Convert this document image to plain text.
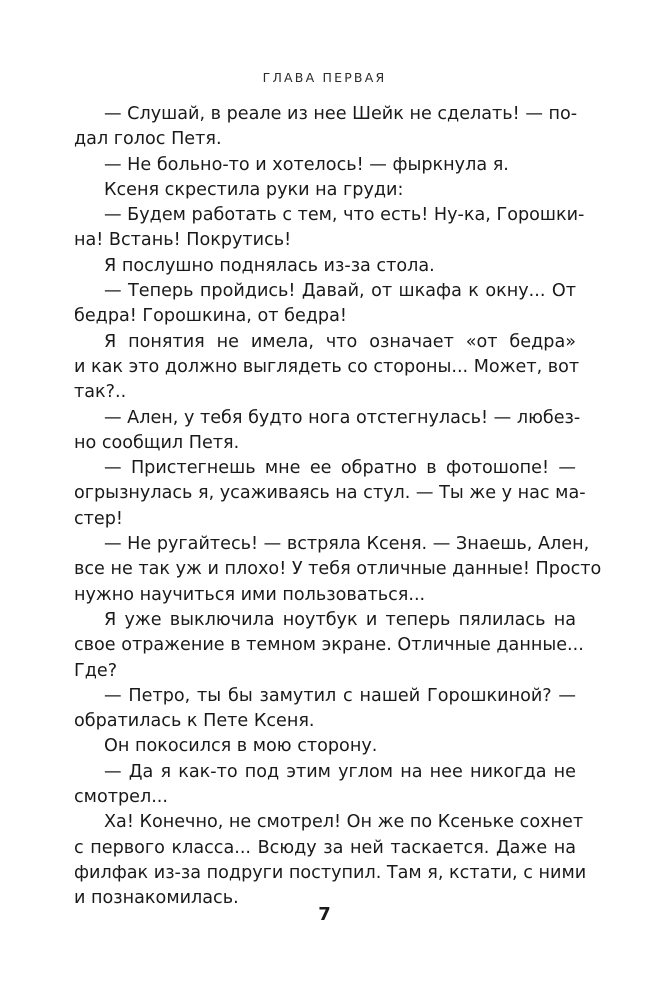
ГЛАВА ПЕРВАЯ
— Слушай, в реале из нее Шейк не сделать! — по-
дал голос Петя.
— Не больно-то и хотелось! — фыркнула я.
Ксеня скрестила руки на груди:
— Будем работать с тем, что есть! Ну-ка, Горошки-
на! Встань! Покрутись!
Я послушно поднялась из-за стола.
— Теперь пройдись! Давай, от шкафа к окну... От
бедра! Горошкина, от бедра!
Я понятия не имела, что означает «от бедра»
и как это должно выглядеть со стороны... Может, вот
так?..
— Ален, у тебя будто нога отстегнулась! — любез-
но сообщил Петя.
— Пристегнешь мне ее обратно в фотошопе! —
огрызнулась я, усаживаясь на стул. — Ты же у нас ма-
стер!
— Не ругайтесь! — встряла Ксеня. — Знаешь, Ален,
все не так уж и плохо! У тебя отличные данные! Просто
нужно научиться ими пользоваться...
Я уже выключила ноутбук и теперь пялилась на
свое отражение в темном экране. Отличные данные...
Где?
— Петро, ты бы замутил с нашей Горошкиной? —
обратилась к Пете Ксеня.
Он покосился в мою сторону.
— Да я как-то под этим углом на нее никогда не
смотрел...
Ха! Конечно, не смотрел! Он же по Ксеньке сохнет
с первого класса... Всюду за ней таскается. Даже на
филфак из-за подруги поступил. Там я, кстати, с ними
и познакомилась.
7
